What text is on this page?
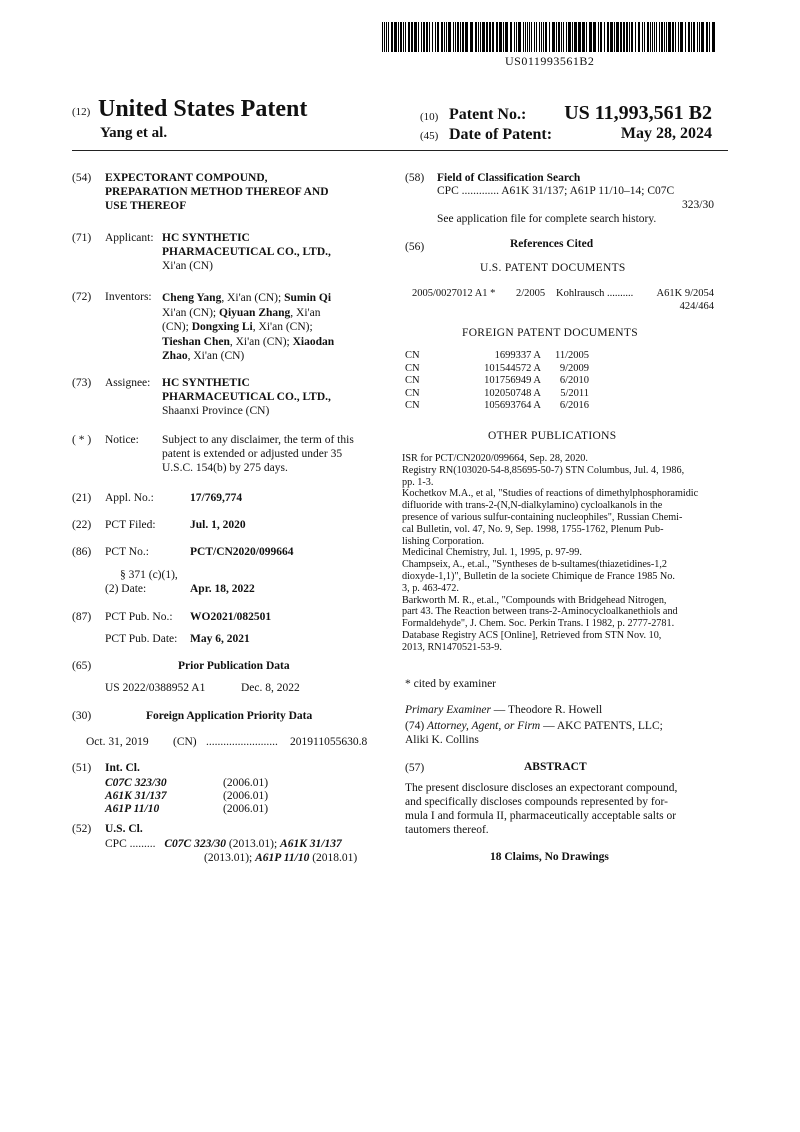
US011993561B2
(12) United States Patent
Yang et al.
(10) Patent No.: US 11,993,561 B2
(45) Date of Patent:	May 28, 2024
(54) EXPECTORANT COMPOUND,
PREPARATION METHOD THEREOF AND
USE THEREOF
(71) Applicant: HC SYNTHETIC
PHARMACEUTICAL CO., LTD.,
Xi'an (CN)
(72) Inventors: Cheng Yang, Xi'an (CN); Sumin Qi
Xi'an (CN); Qiyuan Zhang, Xi'an
(CN); Dongxing Li, Xi'an (CN);
Tieshan Chen, Xi'an (CN); Xiaodan
Zhao, Xi'an (CN)
(73) Assignee: HC SYNTHETIC
PHARMACEUTICAL CO., LTD.,
Shaanxi Province (CN)
( * ) Notice: Subject to any disclaimer, the term of this
patent is extended or adjusted under 35
U.S.C. 154(b) by 275 days.
(21) Appl. No.:	17/769,774
(22) PCT Filed:	Jul. 1, 2020
(86) PCT No.:	PCT/CN2020/099664
§ 371 (c)(1),
(2) Date:	Apr. 18, 2022
(87) PCT Pub. No.: WO2021/082501
PCT Pub. Date: May 6, 2021
(65)	Prior Publication Data
US 2022/0388952 A1	Dec. 8, 2022
(30)	Foreign Application Priority Data
Oct. 31, 2019 (CN) ......................... 201911055630.8
(51) Int. Cl.
C07C 323/30	(2006.01)
A61K 31/137	(2006.01)
A61P 11/10	(2006.01)
(52) U.S. Cl.
CPC ......... C07C 323/30 (2013.01); A61K 31/137
(2013.01); A61P 11/10 (2018.01)
(58) Field of Classification Search
CPC ............. A61K 31/137; A61P 11/10–14; C07C
323/30
See application file for complete search history.
(56)	References Cited
U.S. PATENT DOCUMENTS
2005/0027012 A1 * 2/2005 Kohlrausch .......... A61K 9/2054
424/464
FOREIGN PATENT DOCUMENTS
CN	1699337 A 11/2005
CN	101544572 A 9/2009
CN	101756949 A 6/2010
CN	102050748 A 5/2011
CN	105693764 A 6/2016
OTHER PUBLICATIONS
ISR for PCT/CN2020/099664, Sep. 28, 2020.
Registry RN(103020-54-8,85695-50-7) STN Columbus, Jul. 4, 1986,
pp. 1-3.
Kochetkov M.A., et al, "Studies of reactions of dimethylphosphoramidic
difluoride with trans-2-(N,N-dialkylamino) cycloalkanols in the
presence of various sulfur-containing nucleophiles", Russian Chemi-
cal Bulletin, vol. 47, No. 9, Sep. 1998, 1755-1762, Plenum Pub-
lishing Corporation.
Medicinal Chemistry, Jul. 1, 1995, p. 97-99.
Champseix, A., et.al., "Syntheses de b-sultames(thiazetidines-1,2
dioxyde-1,1)", Bulletin de la societe Chimique de France 1985 No.
3, p. 463-472.
Barkworth M. R., et.al., "Compounds with Bridgehead Nitrogen,
part 43. The Reaction between trans-2-Aminocycloalkanethiols and
Formaldehyde", J. Chem. Soc. Perkin Trans. I 1982, p. 2777-2781.
Database Registry ACS [Online], Retrieved from STN Nov. 10,
2013, RN1470521-53-9.
* cited by examiner
Primary Examiner — Theodore R. Howell
(74) Attorney, Agent, or Firm — AKC PATENTS, LLC;
Aliki K. Collins
(57)	ABSTRACT
The present disclosure discloses an expectorant compound,
and specifically discloses compounds represented by for-
mula I and formula II, pharmaceutically acceptable salts or
tautomers thereof.
18 Claims, No Drawings
